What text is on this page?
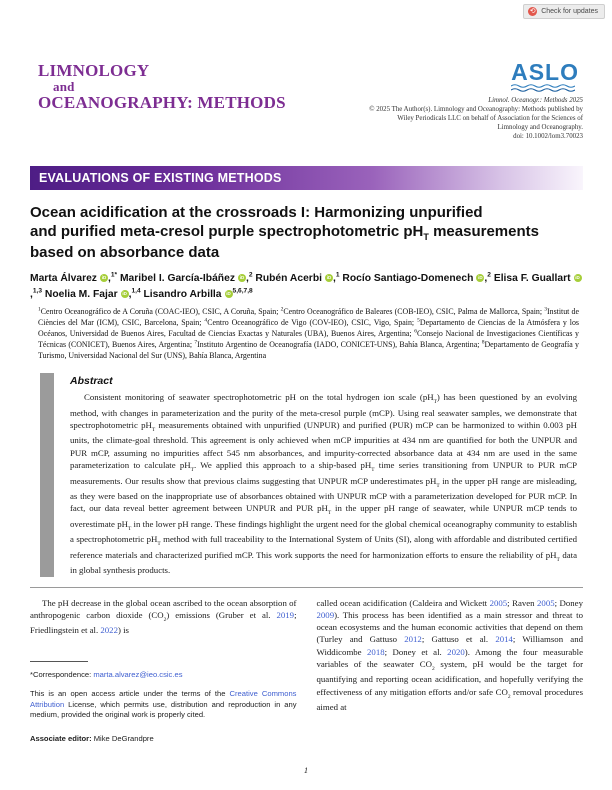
⟲ Check for updates
LIMNOLOGY
and
OCEANOGRAPHY: METHODS
ASLO
Limnol. Oceanogr.: Methods 2025
© 2025 The Author(s). Limnology and Oceanography: Methods published by
Wiley Periodicals LLC on behalf of Association for the Sciences of
Limnology and Oceanography.
doi: 10.1002/lom3.70023
EVALUATIONS OF EXISTING METHODS
Ocean acidification at the crossroads I: Harmonizing unpurified
and purified meta-cresol purple spectrophotometric $pH_T$ measurements
based on absorbance data
Marta Álvarez iD ,$^{1*}$ Maribel I. García-Ibáñez iD ,$^2$ Rubén Acerbi iD ,$^1$ Rocío Santiago-Domenech iD ,$^2$ Elisa F. Guallart iD,$^{1,3}$ Noelia M. Fajar iD ,$^{1,4}$ Lisandro Arbilla iD $^{5,6,7,8}$
$^1$Centro Oceanográfico de A Coruña (COAC-IEO), CSIC, A Coruña, Spain; $^2$Centro Oceanográfico de Baleares (COB-IEO), CSIC, Palma de Mallorca, Spain; $^3$Institut de Ciències del Mar (ICM), CSIC, Barcelona, Spain; $^4$Centro Oceanográfico de Vigo (COV-IEO), CSIC, Vigo, Spain; $^5$Departamento de Ciencias de la Atmósfera y los Océanos, Universidad de Buenos Aires, Facultad de Ciencias Exactas y Naturales (UBA), Buenos Aires, Argentina; $^6$Consejo Nacional de Investigaciones Científicas y Técnicas (CONICET), Buenos Aires, Argentina; $^7$Instituto Argentino de Oceanografía (IADO, CONICET-UNS), Bahía Blanca, Argentina; $^8$Departamento de Geografía y Turismo, Universidad Nacional del Sur (UNS), Bahía Blanca, Argentina
Abstract

Consistent monitoring of seawater spectrophotometric pH on the total hydrogen ion scale $(pH_T)$ has been questioned by an evolving method, with changes in parameterization and the purity of the meta-cresol purple (mCP). Using real seawater samples, we demonstrate that spectrophotometric $pH_T$ measurements obtained with unpurified (UNPUR) and purified (PUR) mCP can be harmonized to within 0.003 pH units, the climate-goal threshold. This agreement is only achieved when mCP impurities at 434 nm are quantified for both the UNPUR and PUR mCP, assuming no impurities affect 545 nm absorbances, and impurity-corrected absorbance data at 434 nm are used in the same parameterization to calculate $pH_T$. We applied this approach to a ship-based $pH_T$ time series transitioning from UNPUR to PUR mCP measurements. Our results show that previous claims suggesting that UNPUR mCP underestimates $pH_T$ in the upper pH range are misleading, as they were based on the inappropriate use of absorbances obtained with UNPUR mCP with a parameterization developed for PUR mCP. In fact, our data reveal better agreement between UNPUR and PUR $pH_T$ in the upper pH range of seawater, while UNPUR mCP tends to overestimate $pH_T$ in the lower pH range. These findings highlight the urgent need for the global chemical oceanography community to establish a spectrophotometric $pH_T$ method with full traceability to the International System of Units (SI), along with affordable and distributed certified reference materials and characterized purified mCP. This work supports the need for harmonization efforts to ensure the reliability of $pH_T$ data in global synthesis products.

The pH decrease in the global ocean ascribed to the ocean absorption of anthropogenic carbon dioxide $(CO_2)$ emissions (Gruber et al. 2019; Friedlingstein et al. 2022) is

*Correspondence: marta.alvarez@ieo.csic.es

This is an open access article under the terms of the Creative Commons Attribution License, which permits use, distribution and reproduction in any medium, provided the original work is properly cited.

Associate editor: Mike DeGrandpre

called ocean acidification (Caldeira and Wickett 2005; Raven 2005; Doney 2009). This process has been identified as a main stressor and threat to ocean ecosystems and the human economic activities that depend on them (Turley and Gattuso 2012; Gattuso et al. 2014; Williamson and Widdicombe 2018; Doney et al. 2020). Among the four measurable variables of the seawater $CO_2$ system, pH would be the target for quantifying and reporting ocean acidification, and hopefully verifying the effectiveness of any mitigation efforts and/or safe $CO_2$ removal procedures aimed at

1
